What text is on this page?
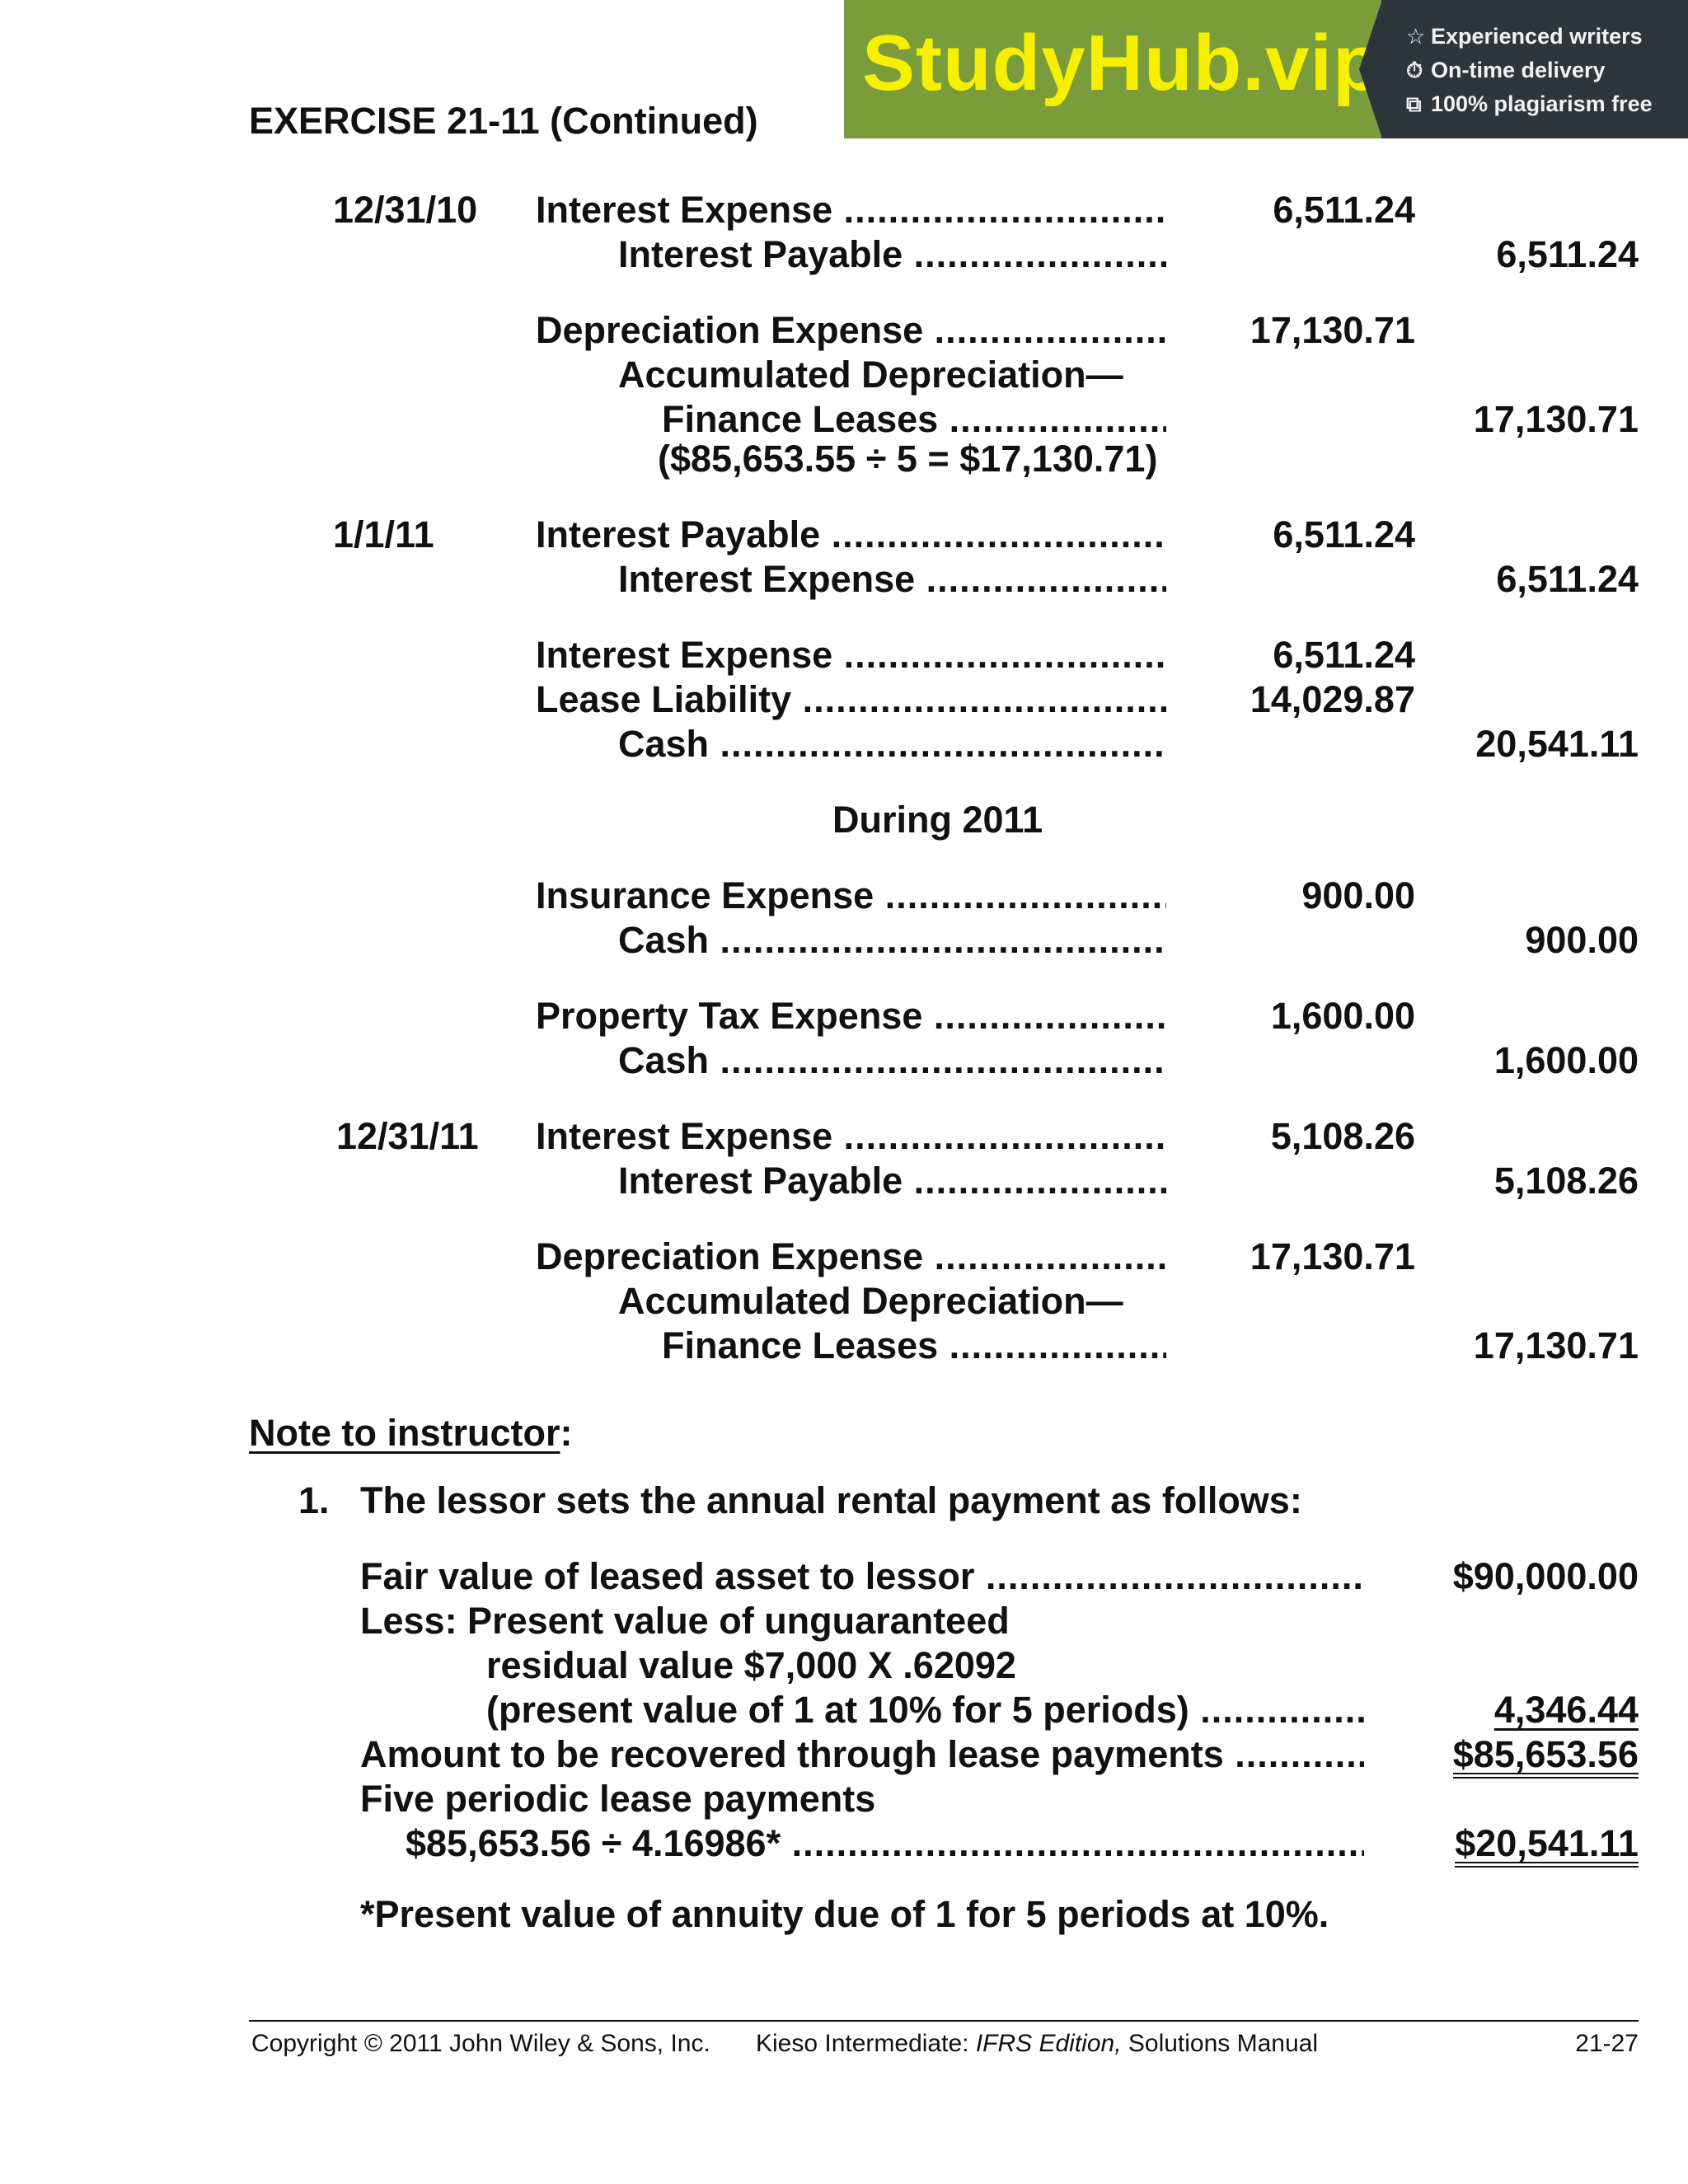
StudyHub.vip ☆ Experienced writers
⏱ On-time delivery
⧉ 100% plagiarism free
EXERCISE 21-11 (Continued)
12/31/10 Interest Expense .....	6,511.24
Interest Payable .....	6,511.24
Depreciation Expense .....	17,130.71
Accumulated Depreciation—
Finance Leases .....	17,130.71
($85,653.55 ÷ 5 = $17,130.71)
1/1/11	Interest Payable .....	6,511.24
Interest Expense .....	6,511.24
Interest Expense .....	6,511.24
Lease Liability .....	14,029.87
Cash .....	20,541.11
During 2011
Insurance Expense .....	900.00
Cash .....	900.00
Property Tax Expense .....	1,600.00
Cash .....	1,600.00
12/31/11 Interest Expense .....	5,108.26
Interest Payable .....	5,108.26
Depreciation Expense .....	17,130.71
Accumulated Depreciation—
Finance Leases .....	17,130.71
Note to instructor:
1. The lessor sets the annual rental payment as follows:
Fair value of leased asset to lessor .....	$90,000.00
Less: Present value of unguaranteed
residual value $7,000 X .62092
(present value of 1 at 10% for 5 periods) .....	4,346.44
Amount to be recovered through lease payments .....	$85,653.56
Five periodic lease payments
$85,653.56 ÷ 4.16986* .....	$20,541.11
*Present value of annuity due of 1 for 5 periods at 10%.
Copyright © 2011 John Wiley & Sons, Inc. Kieso Intermediate: IFRS Edition, Solutions Manual	21-27
